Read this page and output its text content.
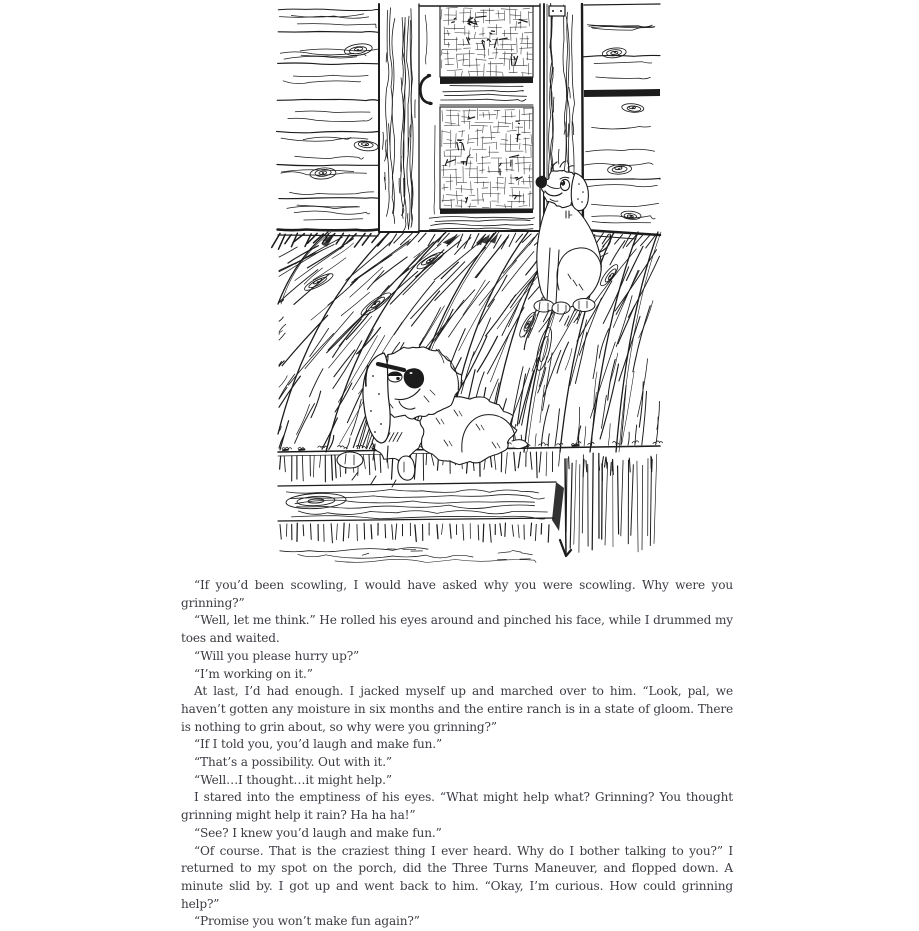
“If you’d been scowling, I would have asked why you were scowling. Why were you grinning?”

“Well, let me think.” He rolled his eyes around and pinched his face, while I drummed my toes and waited.

“Will you please hurry up?”

“I’m working on it.”

At last, I’d had enough. I jacked myself up and marched over to him. “Look, pal, we haven’t gotten any moisture in six months and the entire ranch is in a state of gloom. There is nothing to grin about, so why were you grinning?”

“If I told you, you’d laugh and make fun.”

“That’s a possibility. Out with it.”

“Well…I thought…it might help.”

I stared into the emptiness of his eyes. “What might help what? Grinning? You thought grinning might help it rain? Ha ha ha!”

“See? I knew you’d laugh and make fun.”

“Of course. That is the craziest thing I ever heard. Why do I bother talking to you?” I returned to my spot on the porch, did the Three Turns Maneuver, and flopped down. A minute slid by. I got up and went back to him. “Okay, I’m curious. How could grinning help?”

“Promise you won’t make fun again?”
